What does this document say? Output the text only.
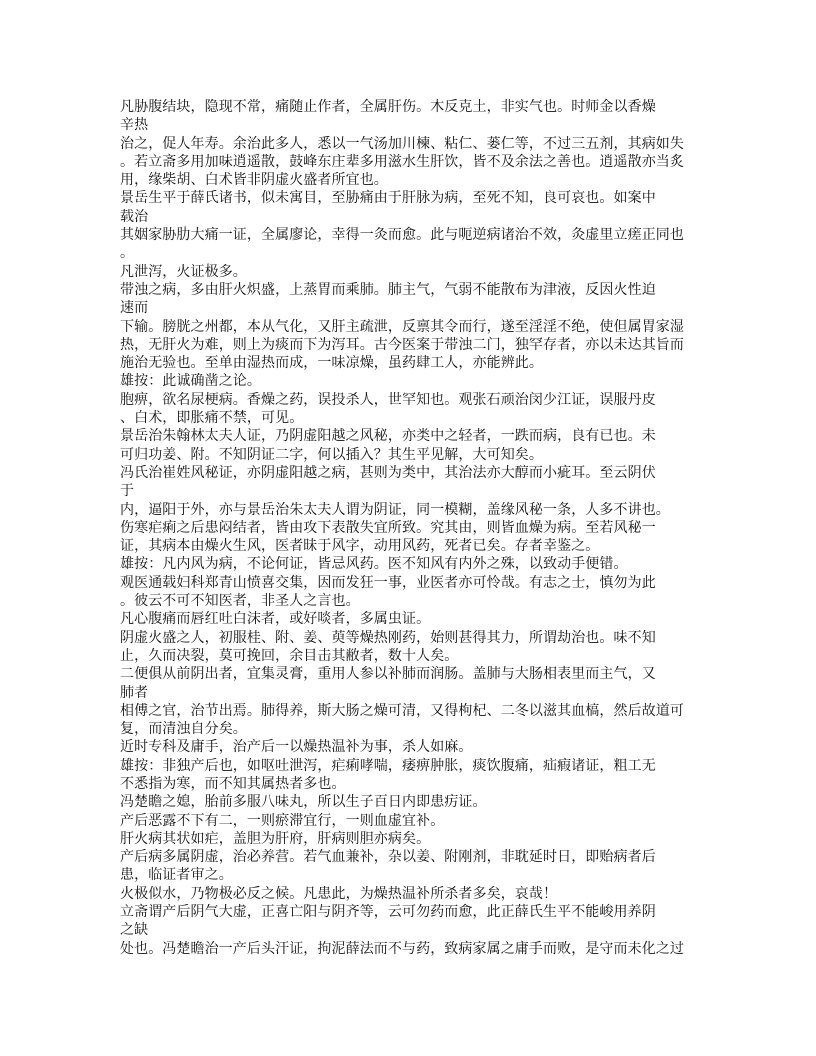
凡胁腹结块，隐现不常，痛随止作者，全属肝伤。木反克土，非实气也。时师金以香燥
辛热
治之，促人年寿。余治此多人，悉以一气汤加川楝、粘仁、蒌仁等，不过三五剂，其病如失
。若立斋多用加味逍遥散，鼓峰东庄辈多用滋水生肝饮，皆不及余法之善也。逍遥散亦当炙
用，缘柴胡、白术皆非阴虚火盛者所宜也。
景岳生平于薛氏诸书，似未寓目，至胁痛由于肝脉为病，至死不知，良可哀也。如案中
载治
其姻家胁肋大痛一证，全属廖论，幸得一灸而愈。此与呃逆病诸治不效，灸虚里立瘥正同也
。
凡泄泻，火证极多。
带浊之病，多由肝火炽盛，上蒸胃而乘肺。肺主气，气弱不能散布为津液，反因火性迫
速而
下输。膀胱之州都，本从气化，又肝主疏泄，反禀其令而行，遂至淫淫不绝，使但属胃家湿
热，无肝火为难，则上为痰而下为泻耳。古今医案于带浊二门，独罕存者，亦以未达其旨而
施治无验也。至单由湿热而成，一味凉燥，虽药肆工人，亦能辨此。
雄按：此诚确凿之论。
胞痹，欲名尿梗病。香燥之药，误投杀人，世罕知也。观张石顽治闵少江证，误服丹皮
、白术，即胀痛不禁，可见。
景岳治朱翰林太夫人证，乃阴虚阳越之风秘，亦类中之轻者，一跌而病，良有已也。未
可归功姜、附。不知阴证二字，何以插入？其生平见解，大可知矣。
冯氏治崔姓风秘证，亦阴虚阳越之病，甚则为类中，其治法亦大醇而小疵耳。至云阴伏
于
内，逼阳于外，亦与景岳治朱太夫人谓为阴证，同一模糊，盖缘风秘一条，人多不讲也。
伤寒疟痢之后患闷结者，皆由攻下表散失宜所致。究其由，则皆血燥为病。至若风秘一
证，其病本由燥火生风，医者昧于风字，动用风药，死者已矣。存者幸鉴之。
雄按：凡内风为病，不论何证，皆忌风药。医不知风有内外之殊，以致动手便错。
观医通载妇科郑青山愤喜交集，因而发狂一事，业医者亦可怜哉。有志之士，慎勿为此
。彼云不可不知医者，非圣人之言也。
凡心腹痛而唇红吐白沫者，或好啖者，多属虫证。
阴虚火盛之人，初服桂、附、姜、萸等燥热刚药，始则甚得其力，所谓劫治也。味不知
止，久而决裂，莫可挽回，余目击其敝者，数十人矣。
二便俱从前阴出者，宜集灵膏，重用人参以补肺而润肠。盖肺与大肠相表里而主气，又
肺者
相傅之官，治节出焉。肺得养，斯大肠之燥可清，又得枸杞、二冬以滋其血槁，然后故道可
复，而清浊自分矣。
近时专科及庸手，治产后一以燥热温补为事，杀人如麻。
雄按：非独产后也，如呕吐泄泻，疟痢哮喘，痿痹肿胀，痰饮腹痛，疝瘕诸证，粗工无
不悉指为寒，而不知其属热者多也。
冯楚瞻之媳，胎前多服八味丸，所以生子百日内即患疠证。
产后恶露不下有二，一则瘀滞宜行，一则血虚宜补。
肝火病其状如疟，盖胆为肝府，肝病则胆亦病矣。
产后病多属阴虚，治必养营。若气血兼补，杂以姜、附刚剂，非耽延时日，即贻病者后
患，临证者审之。
火极似水，乃物极必反之候。凡患此，为燥热温补所杀者多矣，哀哉！
立斋谓产后阴气大虚，正喜亡阳与阴齐等，云可勿药而愈，此正薛氏生平不能峻用养阴
之缺
处也。冯楚瞻治一产后头汗证，拘泥薛法而不与药，致病家属之庸手而败，是守而未化之过
